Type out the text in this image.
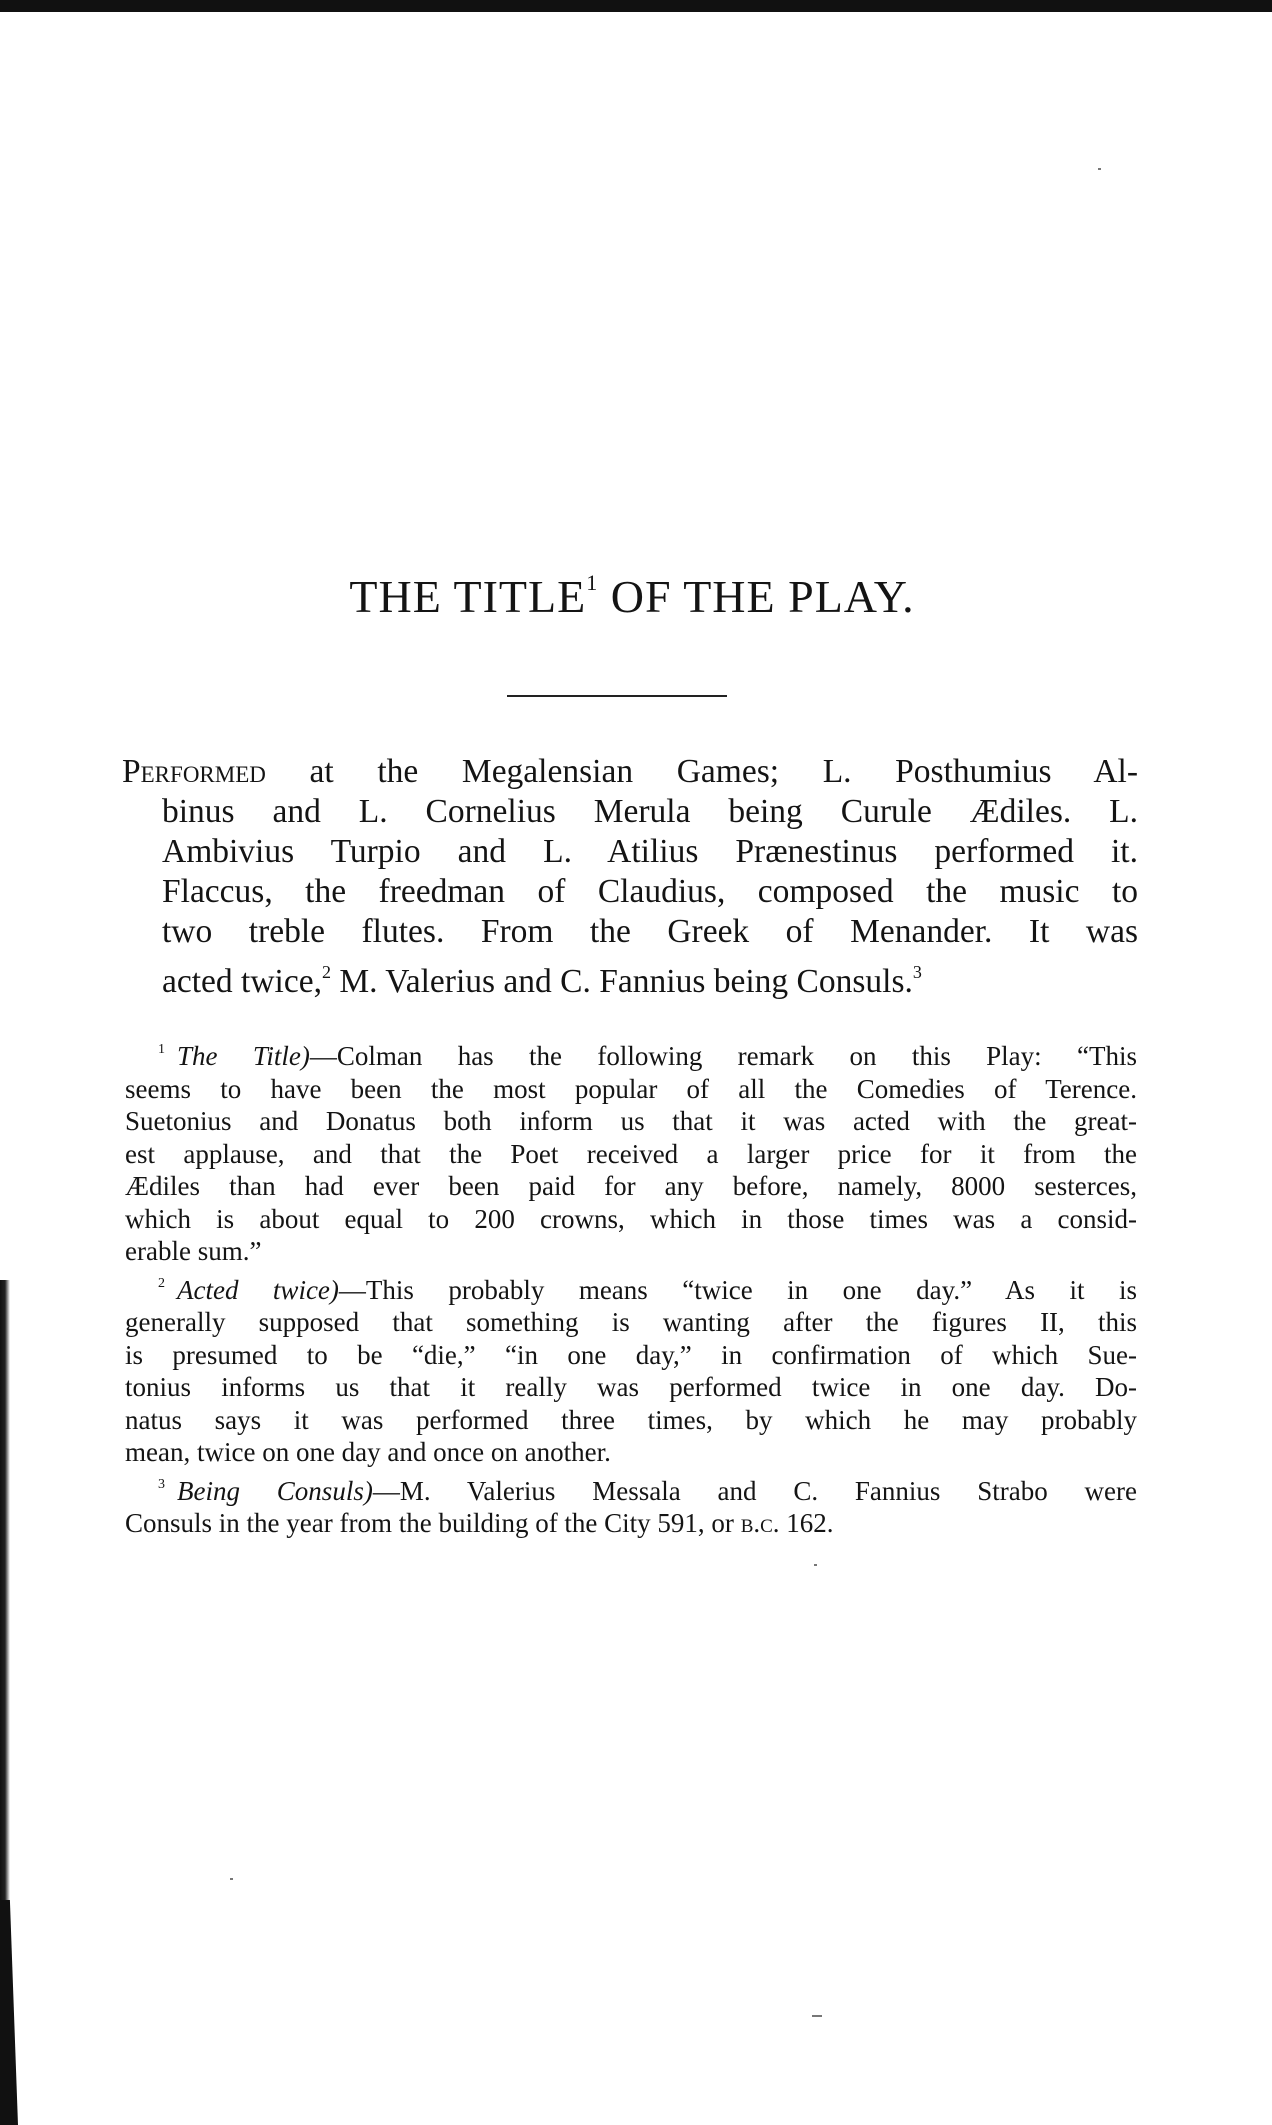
THE TITLE$^1$ OF THE PLAY.
Performed at the Megalensian Games; L. Posthumius Al-
binus and L. Cornelius Merula being Curule Ædiles. L.
Ambivius Turpio and L. Atilius Prænestinus performed it.
Flaccus, the freedman of Claudius, composed the music to
two treble flutes. From the Greek of Menander. It was
acted twice,$^2$ M. Valerius and C. Fannius being Consuls.$^3$
$^1$ The Title)—Colman has the following remark on this Play: “This
seems to have been the most popular of all the Comedies of Terence.
Suetonius and Donatus both inform us that it was acted with the great-
est applause, and that the Poet received a larger price for it from the
Ædiles than had ever been paid for any before, namely, 8000 sesterces,
which is about equal to 200 crowns, which in those times was a consid-
erable sum.”
$^2$ Acted twice)—This probably means “twice in one day.” As it is
generally supposed that something is wanting after the figures II, this
is presumed to be “die,” “in one day,” in confirmation of which Sue-
tonius informs us that it really was performed twice in one day. Do-
natus says it was performed three times, by which he may probably
mean, twice on one day and once on another.
$^3$ Being Consuls)—M. Valerius Messala and C. Fannius Strabo were
Consuls in the year from the building of the City 591, or b.c. 162.
